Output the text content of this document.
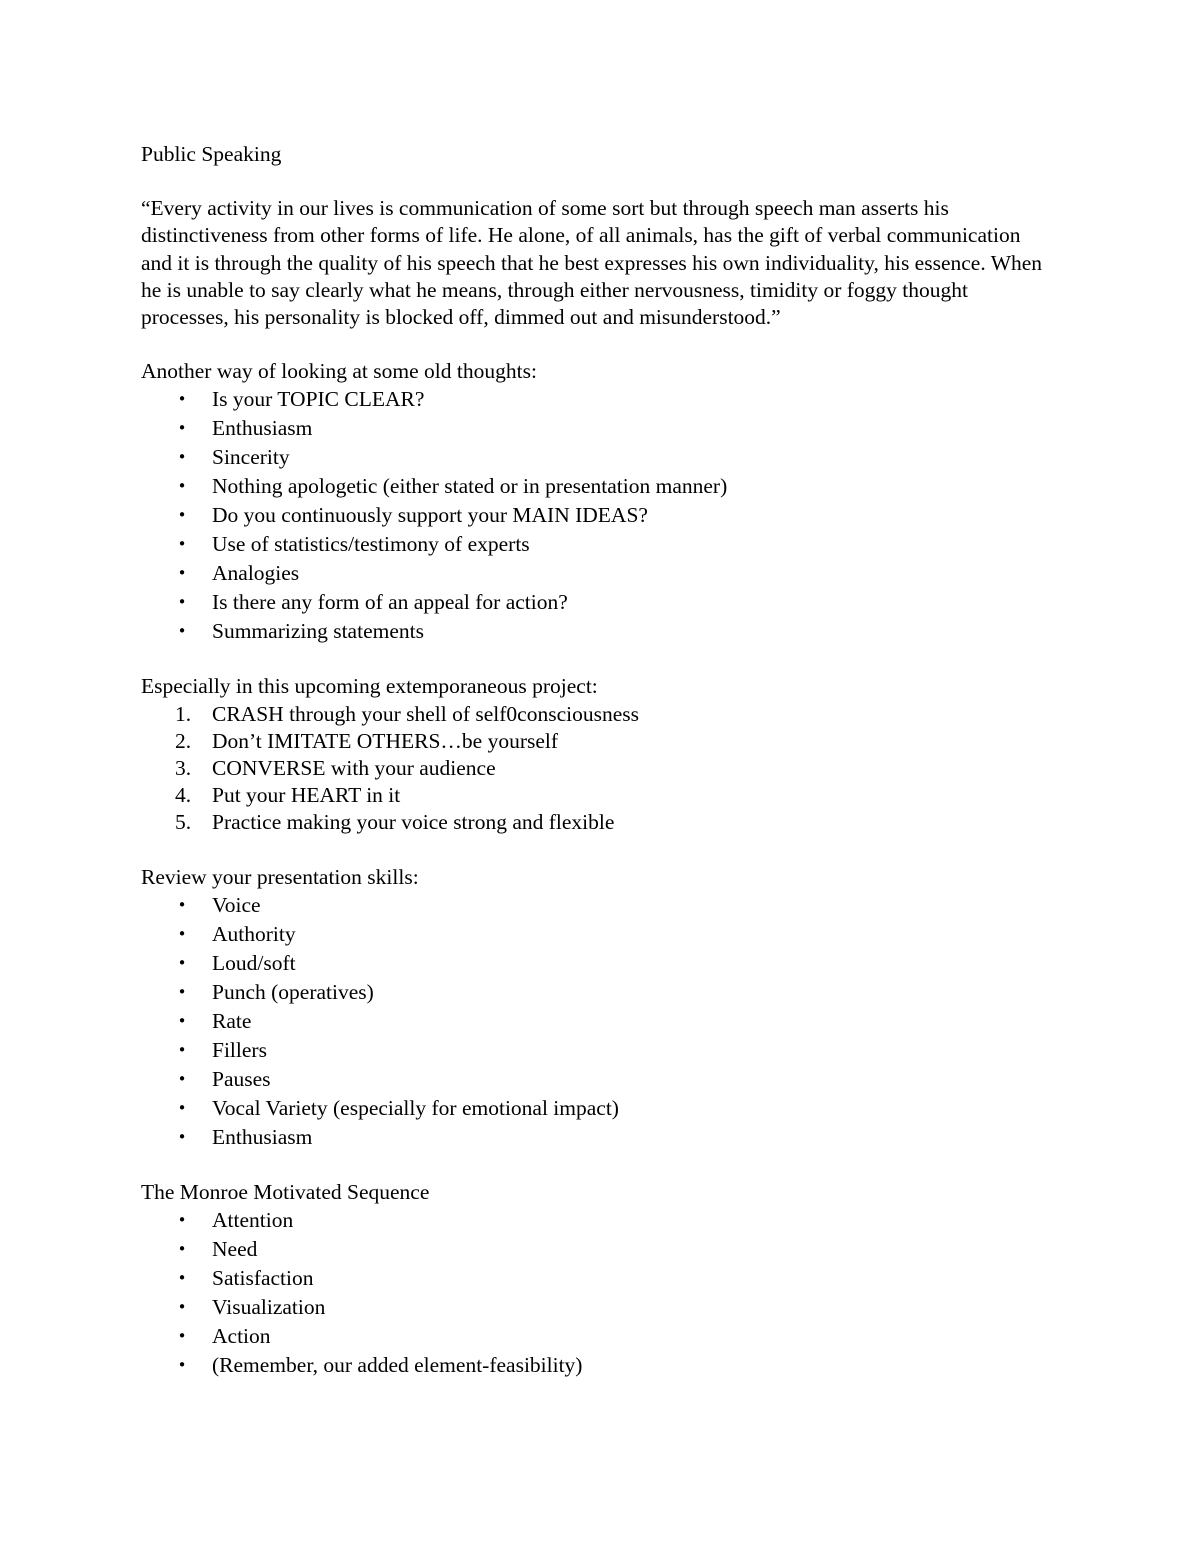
Public Speaking

“Every activity in our lives is communication of some sort but through speech man asserts his distinctiveness from other forms of life. He alone, of all animals, has the gift of verbal communication and it is through the quality of his speech that he best expresses his own individuality, his essence. When he is unable to say clearly what he means, through either nervousness, timidity or foggy thought processes, his personality is blocked off, dimmed out and misunderstood.”

Another way of looking at some old thoughts:

• Is your TOPIC CLEAR?
• Enthusiasm
• Sincerity
• Nothing apologetic (either stated or in presentation manner)
• Do you continuously support your MAIN IDEAS?
• Use of statistics/testimony of experts
• Analogies
• Is there any form of an appeal for action?
• Summarizing statements

Especially in this upcoming extemporaneous project:

1. CRASH through your shell of self0consciousness
2. Don’t IMITATE OTHERS…be yourself
3. CONVERSE with your audience
4. Put your HEART in it
5. Practice making your voice strong and flexible

Review your presentation skills:

• Voice
• Authority
• Loud/soft
• Punch (operatives)
• Rate
• Fillers
• Pauses
• Vocal Variety (especially for emotional impact)
• Enthusiasm

The Monroe Motivated Sequence

• Attention
• Need
• Satisfaction
• Visualization
• Action
• (Remember, our added element-feasibility)
